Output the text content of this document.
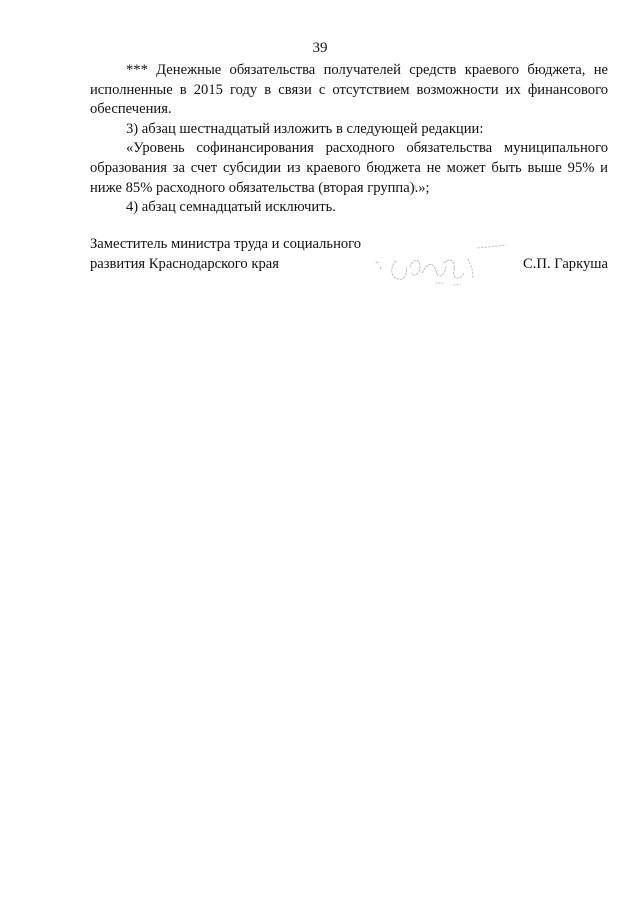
39

*** Денежные обязательства получателей средств краевого бюджета, не исполненные в 2015 году в связи с отсутствием возможности их финансового обеспечения.

3) абзац шестнадцатый изложить в следующей редакции:

«Уровень софинансирования расходного обязательства муниципального образования за счет субсидии из краевого бюджета не может быть выше 95% и ниже 85% расходного обязательства (вторая группа).»;

4) абзац семнадцатый исключить.

Заместитель министра труда и социального
развития Краснодарского края	С.П. Гаркуша
